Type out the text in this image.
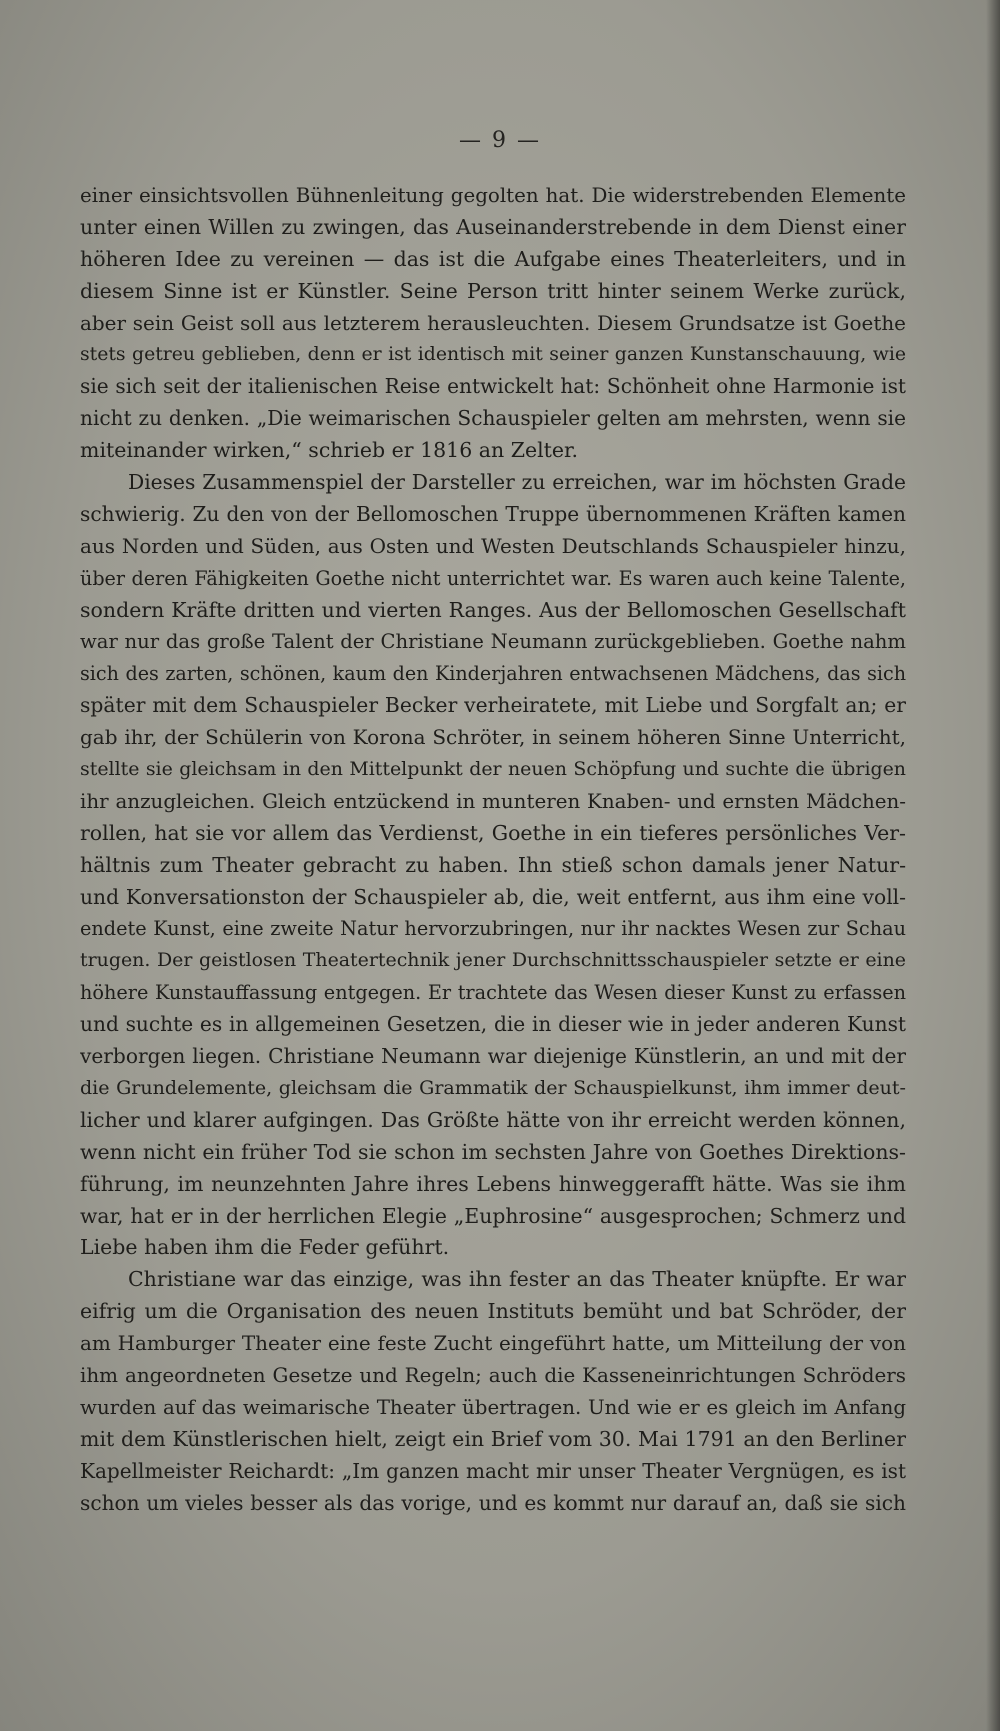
— 9 —
einer einsichtsvollen Bühnenleitung gegolten hat. Die widerstrebenden Elemente
unter einen Willen zu zwingen, das Auseinanderstrebende in dem Dienst einer
höheren Idee zu vereinen — das ist die Aufgabe eines Theaterleiters, und in
diesem Sinne ist er Künstler. Seine Person tritt hinter seinem Werke zurück,
aber sein Geist soll aus letzterem herausleuchten. Diesem Grundsatze ist Goethe
stets getreu geblieben, denn er ist identisch mit seiner ganzen Kunstanschauung, wie
sie sich seit der italienischen Reise entwickelt hat: Schönheit ohne Harmonie ist
nicht zu denken. „Die weimarischen Schauspieler gelten am mehrsten, wenn sie
miteinander wirken,“ schrieb er 1816 an Zelter.
Dieses Zusammenspiel der Darsteller zu erreichen, war im höchsten Grade
schwierig. Zu den von der Bellomoschen Truppe übernommenen Kräften kamen
aus Norden und Süden, aus Osten und Westen Deutschlands Schauspieler hinzu,
über deren Fähigkeiten Goethe nicht unterrichtet war. Es waren auch keine Talente,
sondern Kräfte dritten und vierten Ranges. Aus der Bellomoschen Gesellschaft
war nur das große Talent der Christiane Neumann zurückgeblieben. Goethe nahm
sich des zarten, schönen, kaum den Kinderjahren entwachsenen Mädchens, das sich
später mit dem Schauspieler Becker verheiratete, mit Liebe und Sorgfalt an; er
gab ihr, der Schülerin von Korona Schröter, in seinem höheren Sinne Unterricht,
stellte sie gleichsam in den Mittelpunkt der neuen Schöpfung und suchte die übrigen
ihr anzugleichen. Gleich entzückend in munteren Knaben- und ernsten Mädchen-
rollen, hat sie vor allem das Verdienst, Goethe in ein tieferes persönliches Ver-
hältnis zum Theater gebracht zu haben. Ihn stieß schon damals jener Natur-
und Konversationston der Schauspieler ab, die, weit entfernt, aus ihm eine voll-
endete Kunst, eine zweite Natur hervorzubringen, nur ihr nacktes Wesen zur Schau
trugen. Der geistlosen Theatertechnik jener Durchschnittsschauspieler setzte er eine
höhere Kunstauffassung entgegen. Er trachtete das Wesen dieser Kunst zu erfassen
und suchte es in allgemeinen Gesetzen, die in dieser wie in jeder anderen Kunst
verborgen liegen. Christiane Neumann war diejenige Künstlerin, an und mit der
die Grundelemente, gleichsam die Grammatik der Schauspielkunst, ihm immer deut-
licher und klarer aufgingen. Das Größte hätte von ihr erreicht werden können,
wenn nicht ein früher Tod sie schon im sechsten Jahre von Goethes Direktions-
führung, im neunzehnten Jahre ihres Lebens hinweggerafft hätte. Was sie ihm
war, hat er in der herrlichen Elegie „Euphrosine“ ausgesprochen; Schmerz und
Liebe haben ihm die Feder geführt.
Christiane war das einzige, was ihn fester an das Theater knüpfte. Er war
eifrig um die Organisation des neuen Instituts bemüht und bat Schröder, der
am Hamburger Theater eine feste Zucht eingeführt hatte, um Mitteilung der von
ihm angeordneten Gesetze und Regeln; auch die Kasseneinrichtungen Schröders
wurden auf das weimarische Theater übertragen. Und wie er es gleich im Anfang
mit dem Künstlerischen hielt, zeigt ein Brief vom 30. Mai 1791 an den Berliner
Kapellmeister Reichardt: „Im ganzen macht mir unser Theater Vergnügen, es ist
schon um vieles besser als das vorige, und es kommt nur darauf an, daß sie sich
